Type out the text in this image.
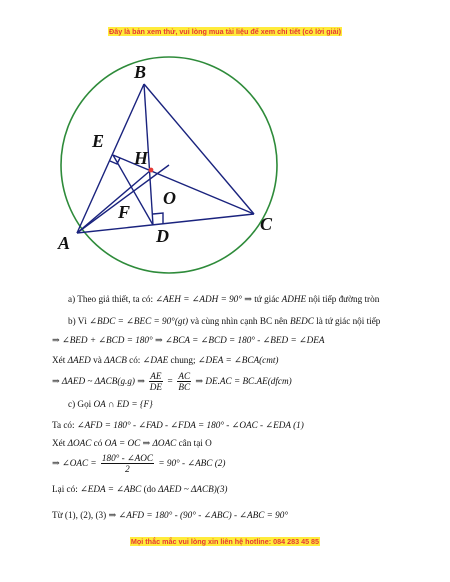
Đây là bản xem thử, vui lòng mua tài liệu để xem chi tiết (có lời giải)
B
E
H
O
F
D
C
A
a) Theo giả thiết, ta có: ∠AEH = ∠ADH = 90° ⇒ tứ giác ADHE nội tiếp đường tròn
b) Vì ∠BDC = ∠BEC = 90°(gt) và cùng nhìn cạnh BC nên BEDC là tứ giác nội tiếp
⇒ ∠BED + ∠BCD = 180° ⇒ ∠BCA = ∠BCD = 180° - ∠BED = ∠DEA
Xét ΔAED và ΔACB có: ∠DAE chung; ∠DEA = ∠BCA(cmt)
⇒ ΔAED ~ ΔACB(g.g) ⇒ $\frac{AE}{DE} = \frac{AC}{BC}$ ⇒ DE.AC = BC.AE(dfcm)
c) Gọi OA ∩ ED = {F}
Ta có: ∠AFD = 180° - ∠FAD - ∠FDA = 180° - ∠OAC - ∠EDA (1)
Xét ΔOAC có OA = OC ⇒ ΔOAC cân tại O
⇒ ∠OAC = $\frac{\text{180° - ∠AOC}}{2} = 90^\circ$ - ∠ABC (2)
Lại có: ∠EDA = ∠ABC (do ΔAED ~ ΔACB)(3)
Từ (1), (2), (3) ⇒ ∠AFD = 180° - (90° - ∠ABC) - ∠ABC = 90°
Mọi thắc mắc vui lòng xin liên hệ hotline: 084 283 45 85
